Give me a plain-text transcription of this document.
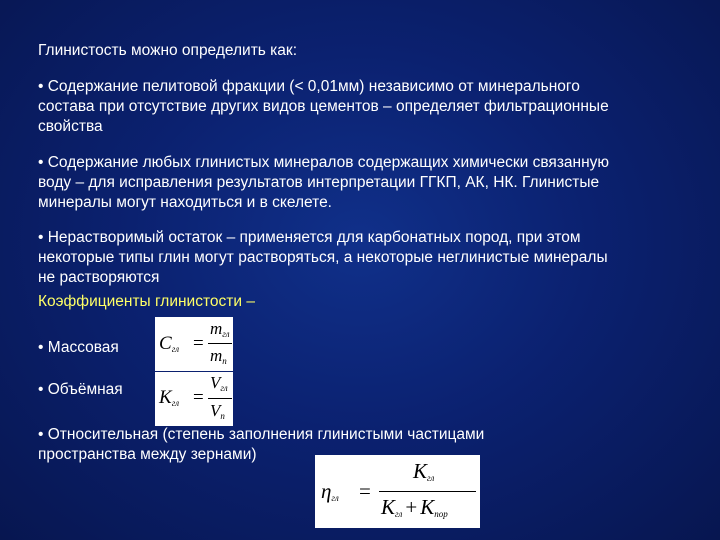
Глинистость можно определить как:
• Содержание пелитовой фракции (< 0,01мм) независимо от минерального
состава при отсутствие других видов цементов – определяет фильтрационные
свойства
• Содержание любых глинистых минералов содержащих химически связанную
воду – для исправления результатов интерпретации ГГКП, АК, НК. Глинистые
минералы могут находиться и в скелете.
• Нерастворимый остаток – применяется для карбонатных пород, при этом
некоторые типы глин могут растворяться, а некоторые неглинистые минералы
не растворяются
Коэффициенты глинистости –
• Массовая
• Объёмная
• Относительная (степень заполнения глинистыми частицами
пространства между зернами)
$C_{гл}$ =
$m_{гл}$
$m_п$
$K_{гл}$ =
$V_{гл}$
$V_п$
$\eta_{гл}$ =
$K_{гл}$
$K_{гл} + K_{пор}$
